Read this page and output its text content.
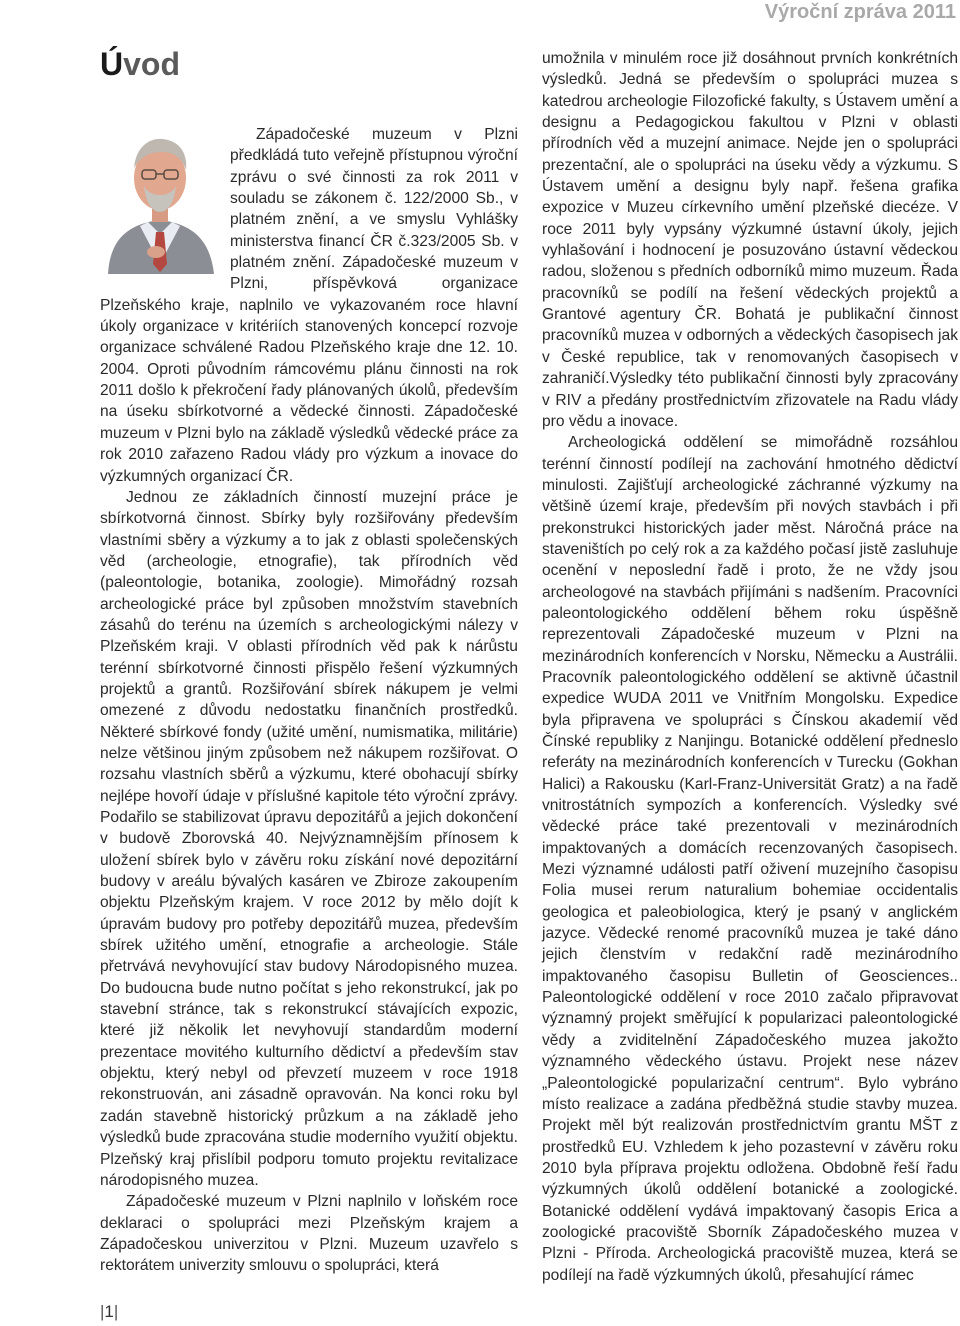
Výroční zpráva 2011
Úvod

Západočeské muzeum v Plzni předkládá tuto veřejně přístupnou výroční zprávu o své činnosti za rok 2011 v souladu se zákonem č. 122/2000 Sb., v platném znění, a ve smyslu Vyhlášky ministerstva financí ČR č.323/2005 Sb. v platném znění. Západočeské muzeum v Plzni, příspěvková organizace Plzeňského kraje, naplnilo ve vykazovaném roce hlavní úkoly organizace v kritériích stanovených koncepcí rozvoje organizace schválené Radou Plzeňského kraje dne 12. 10. 2004. Oproti původním rámcovému plánu činnosti na rok 2011 došlo k překročení řady plánovaných úkolů, především na úseku sbírkotvorné a vědecké činnosti. Západočeské muzeum v Plzni bylo na základě výsledků vědecké práce za rok 2010 zařazeno Radou vlády pro výzkum a inovace do výzkumných organizací ČR.

Jednou ze základních činností muzejní práce je sbírkotvorná činnost. Sbírky byly rozšiřovány především vlastními sběry a výzkumy a to jak z oblasti společenských věd (archeologie, etnografie), tak přírodních věd (paleontologie, botanika, zoologie). Mimořádný rozsah archeologické práce byl způsoben množstvím stavebních zásahů do terénu na územích s archeologickými nálezy v Plzeňském kraji. V oblasti přírodních věd pak k nárůstu terénní sbírkotvorné činnosti přispělo řešení výzkumných projektů a grantů. Rozšiřování sbírek nákupem je velmi omezené z důvodu nedostatku finančních prostředků. Některé sbírkové fondy (užité umění, numismatika, militárie) nelze většinou jiným způsobem než nákupem rozšiřovat. O rozsahu vlastních sběrů a výzkumu, které obohacují sbírky nejlépe hovoří údaje v příslušné kapitole této výroční zprávy. Podařilo se stabilizovat úpravu depozitářů a jejich dokončení v budově Zborovská 40. Nejvýznamnějším přínosem k uložení sbírek bylo v závěru roku získání nové depozitární budovy v areálu bývalých kasáren ve Zbiroze zakoupením objektu Plzeňským krajem. V roce 2012 by mělo dojít k úpravám budovy pro potřeby depozitářů muzea, především sbírek užitého umění, etnografie a archeologie. Stále přetrvává nevyhovující stav budovy Národopisného muzea. Do budoucna bude nutno počítat s jeho rekonstrukcí, jak po stavební stránce, tak s rekonstrukcí stávajících expozic, které již několik let nevyhovují standardům moderní prezentace movitého kulturního dědictví a především stav objektu, který nebyl od převzetí muzeem v roce 1918 rekonstruován, ani zásadně opravován. Na konci roku byl zadán stavebně historický průzkum a na základě jeho výsledků bude zpracována studie moderního využití objektu. Plzeňský kraj přislíbil podporu tomuto projektu revitalizace národopisného muzea.

Západočeské muzeum v Plzni naplnilo v loňském roce deklaraci o spolupráci mezi Plzeňským krajem a Západočeskou univerzitou v Plzni. Muzeum uzavřelo s rektorátem univerzity smlouvu o spolupráci, která

umožnila v minulém roce již dosáhnout prvních konkrétních výsledků. Jedná se především o spolupráci muzea s katedrou archeologie Filozofické fakulty, s Ústavem umění a designu a Pedagogickou fakultou v Plzni v oblasti přírodních věd a muzejní animace. Nejde jen o spolupráci prezentační, ale o spolupráci na úseku vědy a výzkumu. S Ústavem umění a designu byly např. řešena grafika expozice v Muzeu církevního umění plzeňské diecéze. V roce 2011 byly vypsány výzkumné ústavní úkoly, jejich vyhlašování i hodnocení je posuzováno ústavní vědeckou radou, složenou s předních odborníků mimo muzeum. Řada pracovníků se podílí na řešení vědeckých projektů a Grantové agentury ČR. Bohatá je publikační činnost pracovníků muzea v odborných a vědeckých časopisech jak v České republice, tak v renomovaných časopisech v zahraničí.Výsledky této publikační činnosti byly zpracovány v RIV a předány prostřednictvím zřizovatele na Radu vlády pro vědu a inovace.

Archeologická oddělení se mimořádně rozsáhlou terénní činností podílejí na zachování hmotného dědictví minulosti. Zajišťují archeologické záchranné výzkumy na většině území kraje, především při nových stavbách i při prekonstrukci historických jader měst. Náročná práce na staveništích po celý rok a za každého počasí jistě zasluhuje ocenění v neposlední řadě i proto, že ne vždy jsou archeologové na stavbách přijímáni s nadšením. Pracovníci paleontologického oddělení během roku úspěšně reprezentovali Západočeské muzeum v Plzni na mezinárodních konferencích v Norsku, Německu a Austrálii. Pracovník paleontologického oddělení se aktivně účastnil expedice WUDA 2011 ve Vnitřním Mongolsku. Expedice byla připravena ve spolupráci s Čínskou akademií věd Čínské republiky z Nanjingu. Botanické oddělení předneslo referáty na mezinárodních konferencích v Turecku (Gokhan Halici) a Rakousku (Karl-Franz-Universität Gratz) a na řadě vnitrostátních sympozích a konferencích. Výsledky své vědecké práce také prezentovali v mezinárodních impaktovaných a domácích recenzovaných časopisech. Mezi významné události patří oživení muzejního časopisu Folia musei rerum naturalium bohemiae occidentalis geologica et paleobiologica, který je psaný v anglickém jazyce. Vědecké renomé pracovníků muzea je také dáno jejich členstvím v redakční radě mezinárodního impaktovaného časopisu Bulletin of Geosciences.. Paleontologické oddělení v roce 2010 začalo připravovat významný projekt směřující k popularizaci paleontologické vědy a zviditelnění Západočeského muzea jakožto významného vědeckého ústavu. Projekt nese název „Paleontologické popularizační centrum“. Bylo vybráno místo realizace a zadána předběžná studie stavby muzea. Projekt měl být realizován prostřednictvím grantu MŠT z prostředků EU. Vzhledem k jeho pozastevní v závěru roku 2010 byla příprava projektu odložena. Obdobně řeší řadu výzkumných úkolů oddělení botanické a zoologické. Botanické oddělení vydává impaktovaný časopis Erica a zoologické pracoviště Sborník Západočeského muzea v Plzni - Příroda. Archeologická pracoviště muzea, která se podílejí na řadě výzkumných úkolů, přesahující rámec

|1|
